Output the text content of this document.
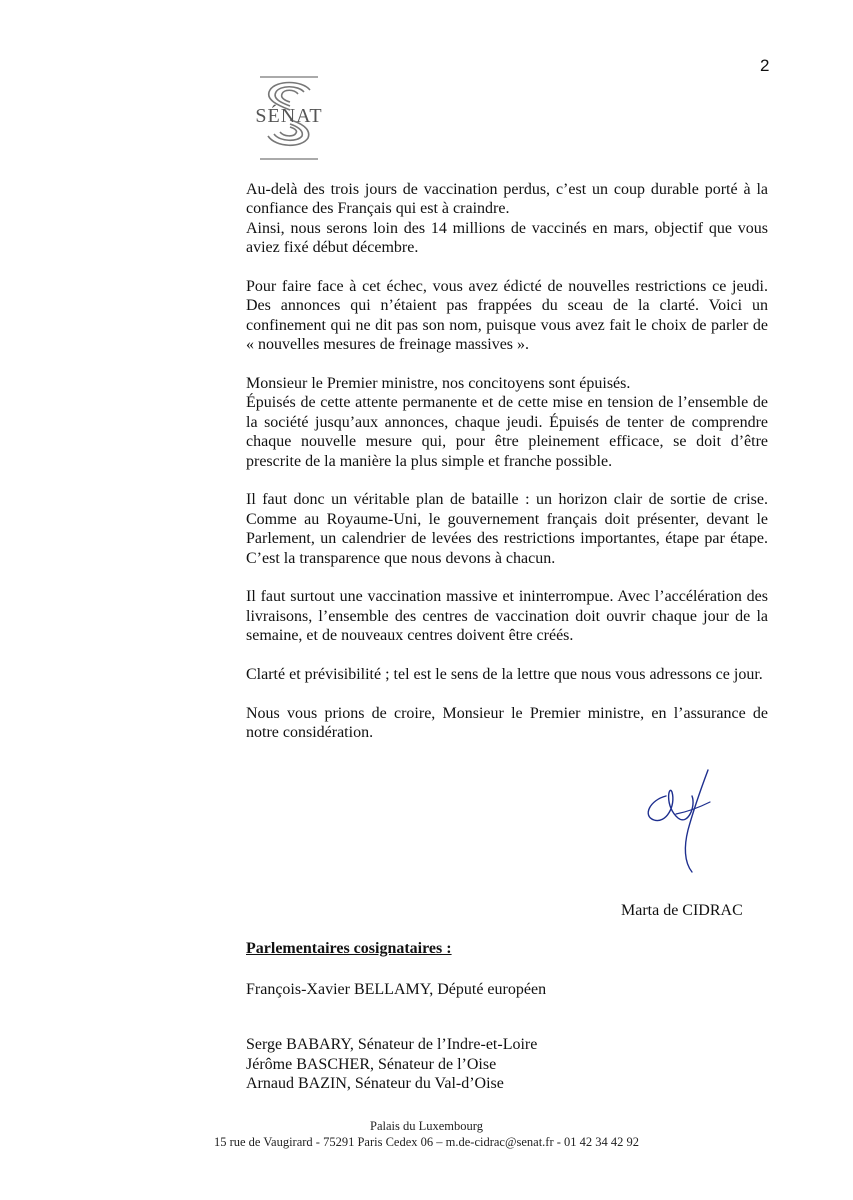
2
SÉNAT

Au-delà des trois jours de vaccination perdus, c’est un coup durable porté à la confiance des Français qui est à craindre.
Ainsi, nous serons loin des 14 millions de vaccinés en mars, objectif que vous aviez fixé début décembre.

Pour faire face à cet échec, vous avez édicté de nouvelles restrictions ce jeudi. Des annonces qui n’étaient pas frappées du sceau de la clarté. Voici un confinement qui ne dit pas son nom, puisque vous avez fait le choix de parler de « nouvelles mesures de freinage massives ».

Monsieur le Premier ministre, nos concitoyens sont épuisés.
Épuisés de cette attente permanente et de cette mise en tension de l’ensemble de la société jusqu’aux annonces, chaque jeudi. Épuisés de tenter de comprendre chaque nouvelle mesure qui, pour être pleinement efficace, se doit d’être prescrite de la manière la plus simple et franche possible.

Il faut donc un véritable plan de bataille : un horizon clair de sortie de crise. Comme au Royaume-Uni, le gouvernement français doit présenter, devant le Parlement, un calendrier de levées des restrictions importantes, étape par étape. C’est la transparence que nous devons à chacun.

Il faut surtout une vaccination massive et ininterrompue. Avec l’accélération des livraisons, l’ensemble des centres de vaccination doit ouvrir chaque jour de la semaine, et de nouveaux centres doivent être créés.

Clarté et prévisibilité ; tel est le sens de la lettre que nous vous adressons ce jour.

Nous vous prions de croire, Monsieur le Premier ministre, en l’assurance de notre considération.

Marta de CIDRAC
Parlementaires cosignataires :
François-Xavier BELLAMY, Député européen
Serge BABARY, Sénateur de l’Indre-et-Loire
Jérôme BASCHER, Sénateur de l’Oise
Arnaud BAZIN, Sénateur du Val-d’Oise
Palais du Luxembourg
15 rue de Vaugirard - 75291 Paris Cedex 06 – m.de-cidrac@senat.fr - 01 42 34 42 92
